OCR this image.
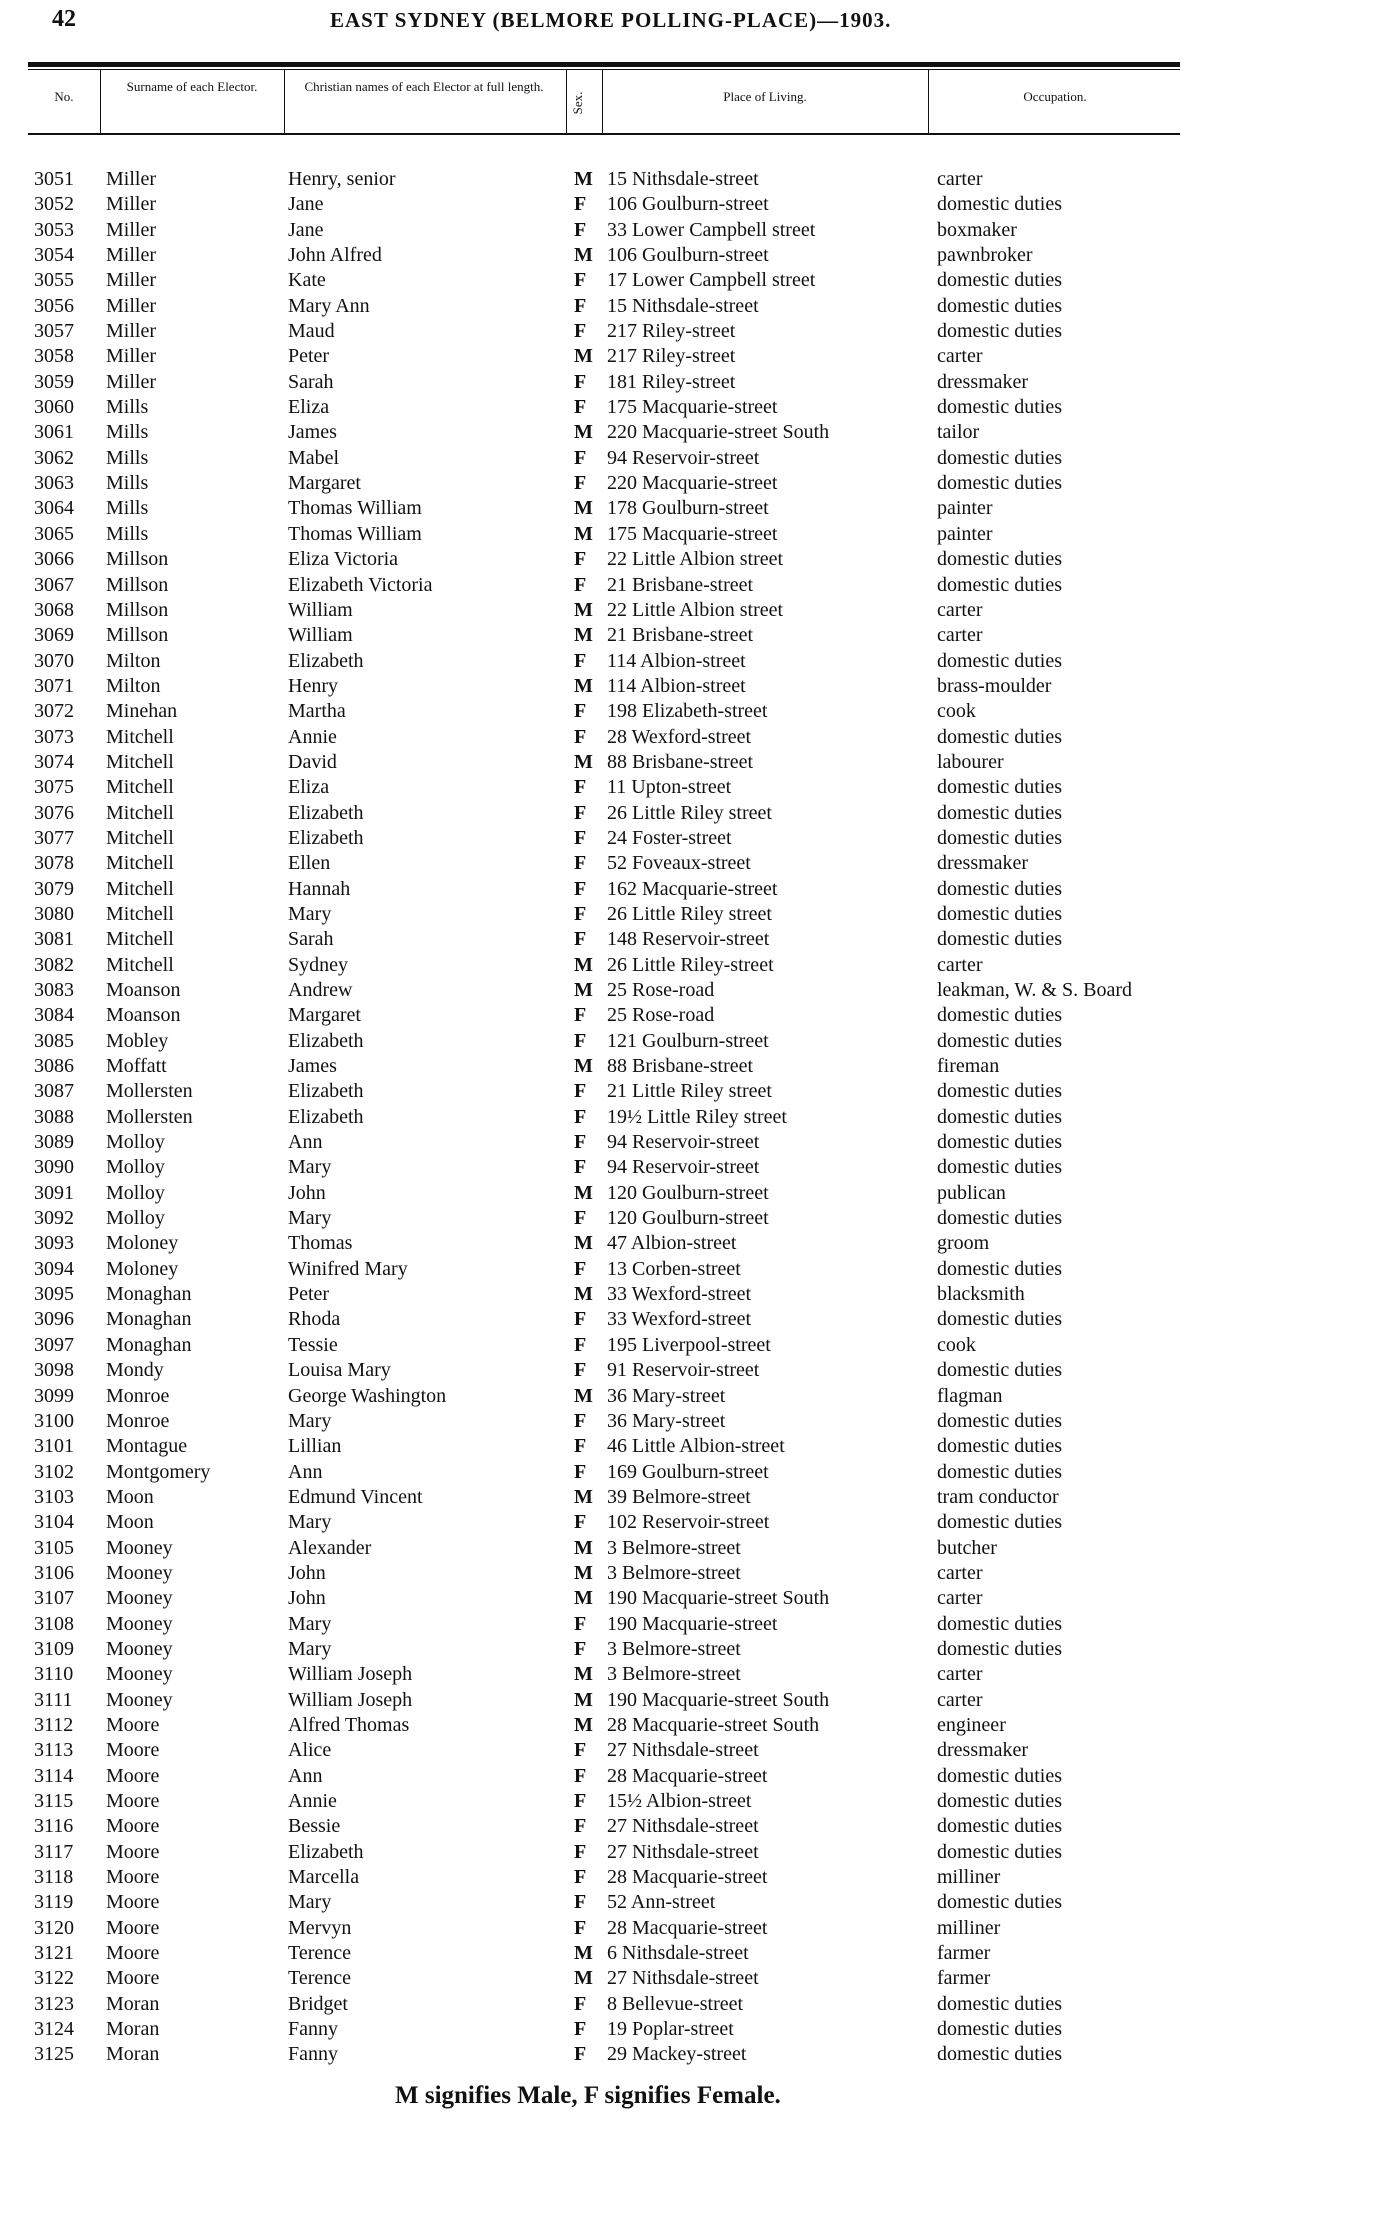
42	EAST SYDNEY (BELMORE POLLING-PLACE)—1903.
No.
Surname of each Elector.	Christian names of each Elector at full length.
Sex.	Place of Living.	Occupation.
3051 Miller	Henry, senior	M 15 Nithsdale-street	carter
3052 Miller	Jane	F 106 Goulburn-street	domestic duties
3053 Miller	Jane	F 33 Lower Campbell street	boxmaker
3054 Miller	John Alfred	M 106 Goulburn-street	pawnbroker
3055 Miller	Kate	F 17 Lower Campbell street	domestic duties
3056 Miller	Mary Ann	F 15 Nithsdale-street	domestic duties
3057 Miller	Maud	F 217 Riley-street	domestic duties
3058 Miller	Peter	M 217 Riley-street	carter
3059 Miller	Sarah	F 181 Riley-street	dressmaker
3060 Mills	Eliza	F 175 Macquarie-street	domestic duties
3061 Mills	James	M 220 Macquarie-street South	tailor
3062 Mills	Mabel	F 94 Reservoir-street	domestic duties
3063 Mills	Margaret	F 220 Macquarie-street	domestic duties
3064 Mills	Thomas William	M 178 Goulburn-street	painter
3065 Mills	Thomas William	M 175 Macquarie-street	painter
3066 Millson	Eliza Victoria	F 22 Little Albion street	domestic duties
3067 Millson	Elizabeth Victoria	F 21 Brisbane-street	domestic duties
3068 Millson	William	M 22 Little Albion street	carter
3069 Millson	William	M 21 Brisbane-street	carter
3070 Milton	Elizabeth	F 114 Albion-street	domestic duties
3071 Milton	Henry	M 114 Albion-street	brass-moulder
3072 Minehan	Martha	F 198 Elizabeth-street	cook
3073 Mitchell	Annie	F 28 Wexford-street	domestic duties
3074 Mitchell	David	M 88 Brisbane-street	labourer
3075 Mitchell	Eliza	F 11 Upton-street	domestic duties
3076 Mitchell	Elizabeth	F 26 Little Riley street	domestic duties
3077 Mitchell	Elizabeth	F 24 Foster-street	domestic duties
3078 Mitchell	Ellen	F 52 Foveaux-street	dressmaker
3079 Mitchell	Hannah	F 162 Macquarie-street	domestic duties
3080 Mitchell	Mary	F 26 Little Riley street	domestic duties
3081 Mitchell	Sarah	F 148 Reservoir-street	domestic duties
3082 Mitchell	Sydney	M 26 Little Riley-street	carter
3083 Moanson	Andrew	M 25 Rose-road	leakman, W. & S. Board
3084 Moanson	Margaret	F 25 Rose-road	domestic duties
3085 Mobley	Elizabeth	F 121 Goulburn-street	domestic duties
3086 Moffatt	James	M 88 Brisbane-street	fireman
3087 Mollersten	Elizabeth	F 21 Little Riley street	domestic duties
3088 Mollersten	Elizabeth	F 19½ Little Riley street	domestic duties
3089 Molloy	Ann	F 94 Reservoir-street	domestic duties
3090 Molloy	Mary	F 94 Reservoir-street	domestic duties
3091 Molloy	John	M 120 Goulburn-street	publican
3092 Molloy	Mary	F 120 Goulburn-street	domestic duties
3093 Moloney	Thomas	M 47 Albion-street	groom
3094 Moloney	Winifred Mary	F 13 Corben-street	domestic duties
3095 Monaghan	Peter	M 33 Wexford-street	blacksmith
3096 Monaghan	Rhoda	F 33 Wexford-street	domestic duties
3097 Monaghan	Tessie	F 195 Liverpool-street	cook
3098 Mondy	Louisa Mary	F 91 Reservoir-street	domestic duties
3099 Monroe	George Washington	M 36 Mary-street	flagman
3100 Monroe	Mary	F 36 Mary-street	domestic duties
3101 Montague	Lillian	F 46 Little Albion-street	domestic duties
3102 Montgomery	Ann	F 169 Goulburn-street	domestic duties
3103 Moon	Edmund Vincent	M 39 Belmore-street	tram conductor
3104 Moon	Mary	F 102 Reservoir-street	domestic duties
3105 Mooney	Alexander	M 3 Belmore-street	butcher
3106 Mooney	John	M 3 Belmore-street	carter
3107 Mooney	John	M 190 Macquarie-street South	carter
3108 Mooney	Mary	F 190 Macquarie-street	domestic duties
3109 Mooney	Mary	F 3 Belmore-street	domestic duties
3110 Mooney	William Joseph	M 3 Belmore-street	carter
3111 Mooney	William Joseph	M 190 Macquarie-street South	carter
3112 Moore	Alfred Thomas	M 28 Macquarie-street South	engineer
3113 Moore	Alice	F 27 Nithsdale-street	dressmaker
3114 Moore	Ann	F 28 Macquarie-street	domestic duties
3115 Moore	Annie	F 15½ Albion-street	domestic duties
3116 Moore	Bessie	F 27 Nithsdale-street	domestic duties
3117 Moore	Elizabeth	F 27 Nithsdale-street	domestic duties
3118 Moore	Marcella	F 28 Macquarie-street	milliner
3119 Moore	Mary	F 52 Ann-street	domestic duties
3120 Moore	Mervyn	F 28 Macquarie-street	milliner
3121 Moore	Terence	M 6 Nithsdale-street	farmer
3122 Moore	Terence	M 27 Nithsdale-street	farmer
3123 Moran	Bridget	F 8 Bellevue-street	domestic duties
3124 Moran	Fanny	F 19 Poplar-street	domestic duties
3125 Moran	Fanny	F 29 Mackey-street	domestic duties
M signifies Male, F signifies Female.
